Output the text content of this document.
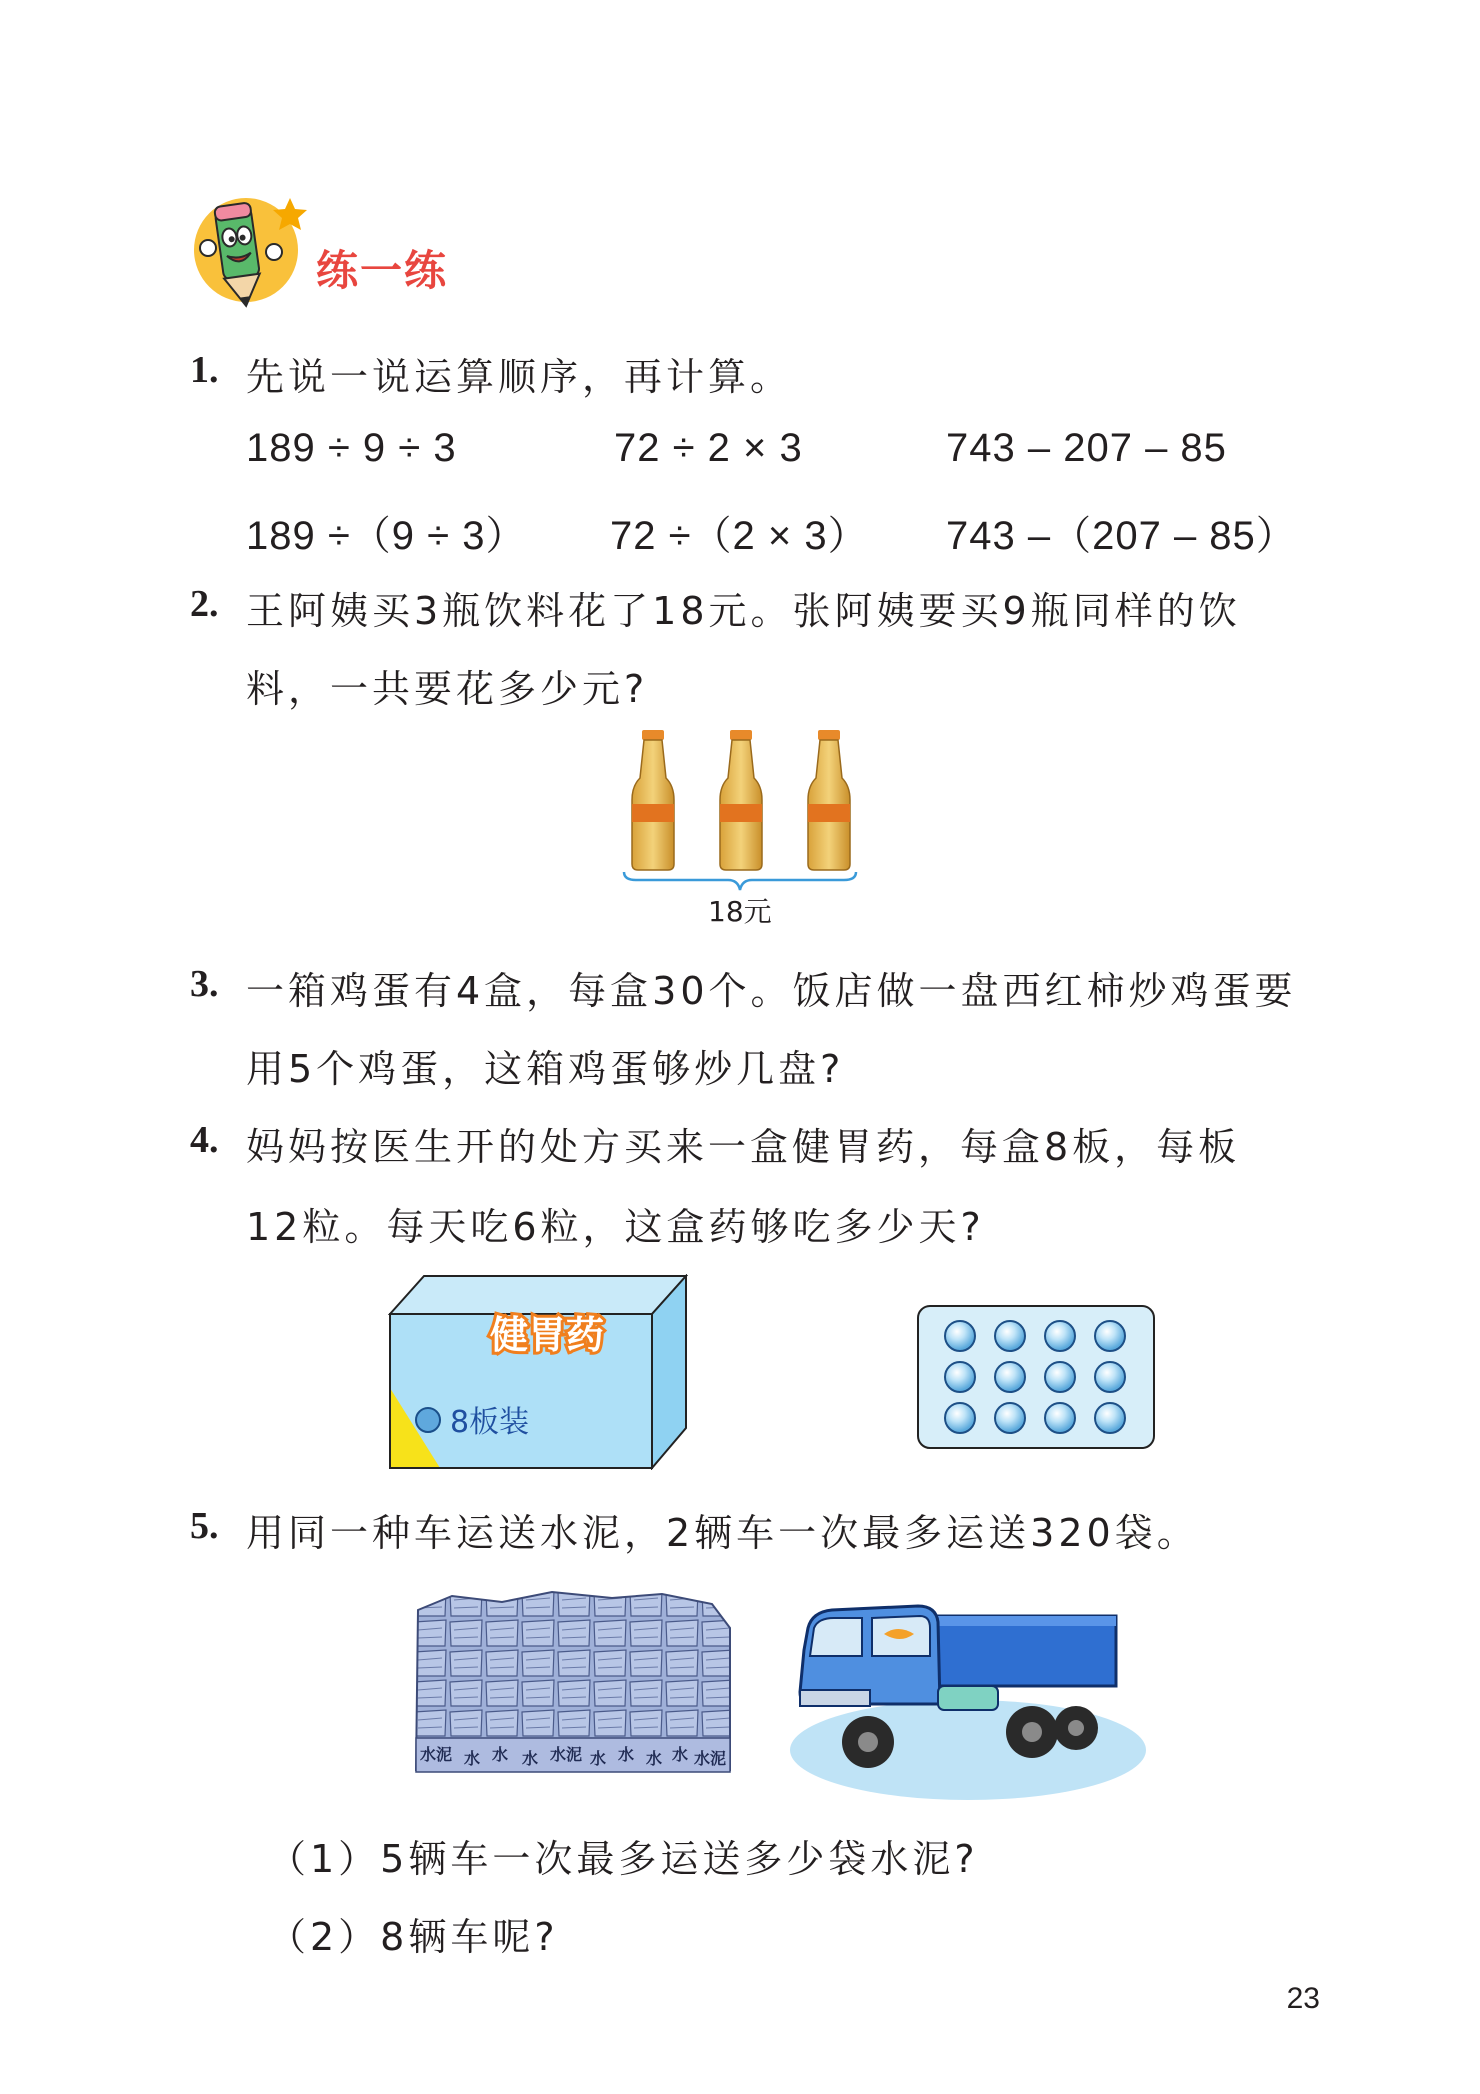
练一练
1. 先说一说运算顺序，再计算。
189 ÷ 9 ÷ 3	72 ÷ 2 × 3	743 – 207 – 85
189 ÷（9 ÷ 3） 72 ÷（2 × 3） 743 –（207 – 85）
2. 王阿姨买3瓶饮料花了18元。张阿姨要买9瓶同样的饮
料，一共要花多少元?
18元
3. 一箱鸡蛋有4盒，每盒30个。饭店做一盘西红柿炒鸡蛋要
用5个鸡蛋，这箱鸡蛋够炒几盘?
4. 妈妈按医生开的处方买来一盒健胃药，每盒8板，每板
12粒。每天吃6粒，这盒药够吃多少天?
健胃药
8板装
5. 用同一种车运送水泥，2辆车一次最多运送320袋。
水泥 水 水 水 水泥 水 水 水 水 水泥
（1）5辆车一次最多运送多少袋水泥?
（2）8辆车呢?
23
